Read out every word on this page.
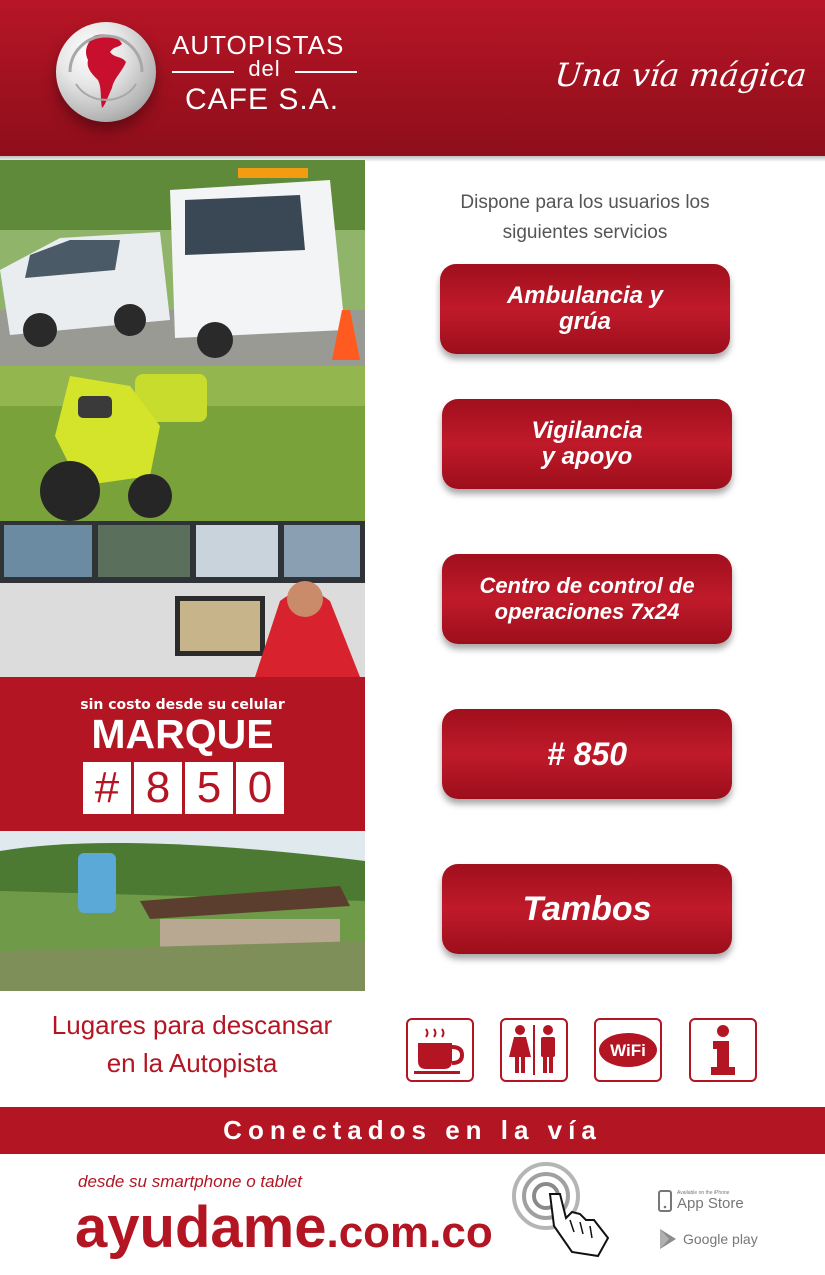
AUTOPISTAS
del
CAFE S.A.
Una vía mágica
sin costo desde su celular
MARQUE
# 8 5 0
Dispone para los usuarios los
siguientes servicios
Ambulancia y
grúa
Vigilancia
y apoyo
Centro de control de
operaciones 7x24
# 850
Tambos
Lugares para descansar
en la Autopista	WiFi
Conectados en la vía
desde su smartphone o tablet
ayudame.com.co
Available on the iPhone
App Store
Google play
